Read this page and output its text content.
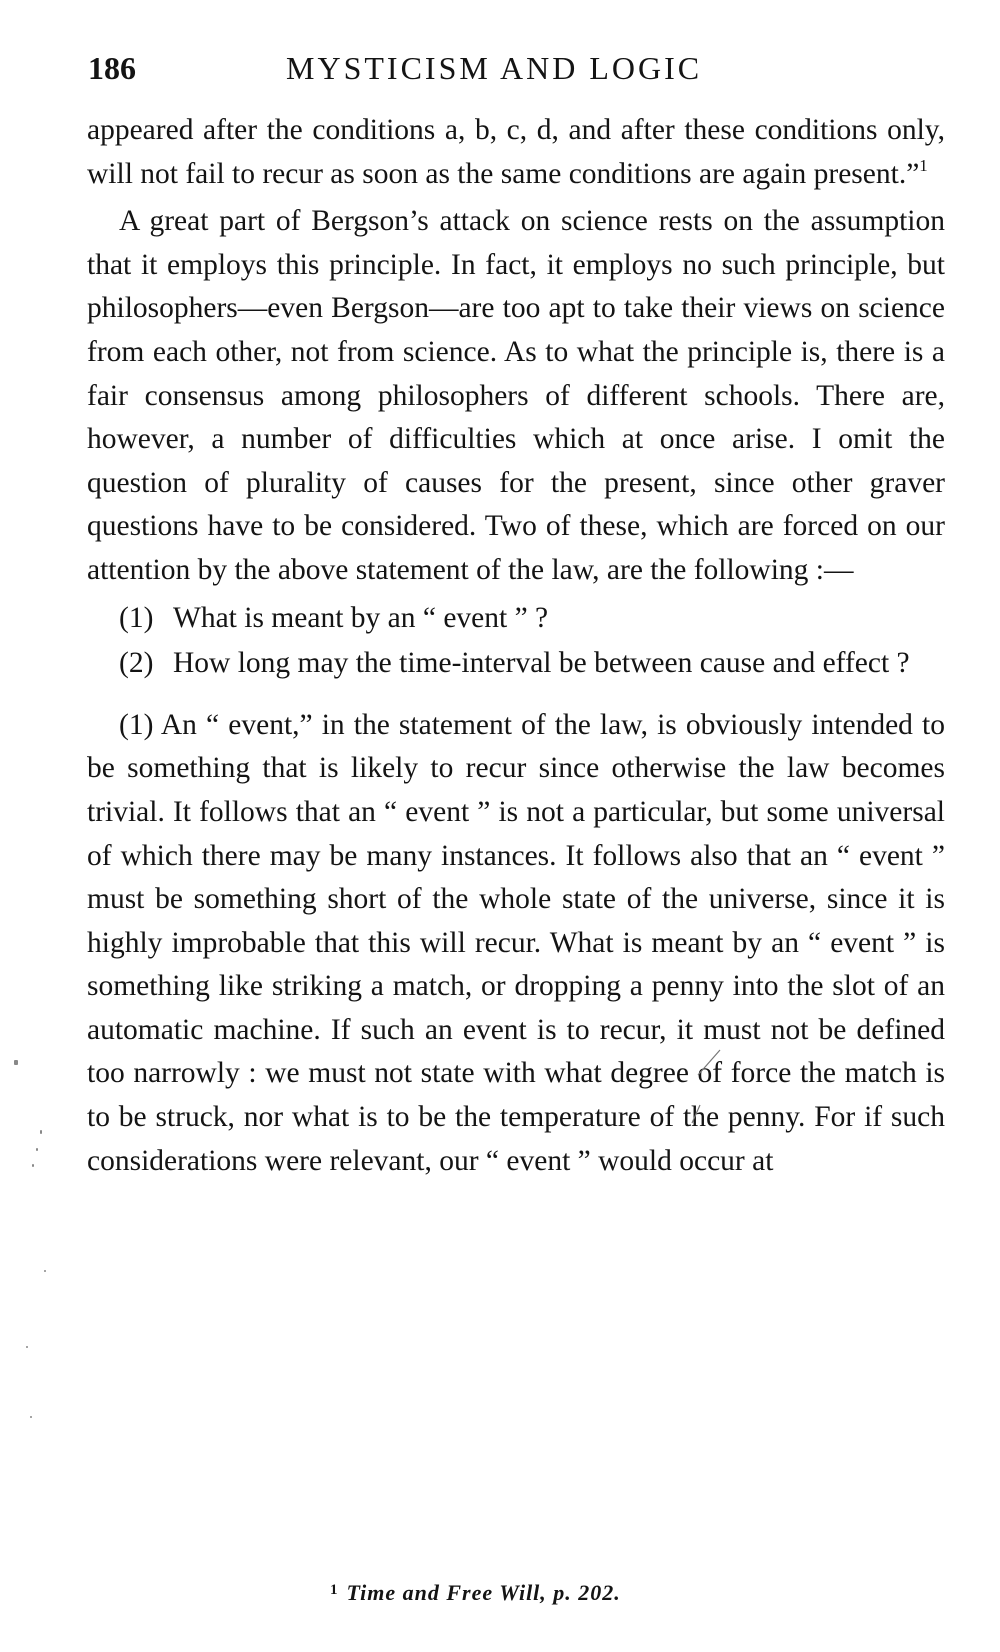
186	MYSTICISM AND LOGIC

appeared after the conditions a, b, c, d, and after these conditions only, will not fail to recur as soon as the same conditions are again present.”$^1$

A great part of Bergson’s attack on science rests on the assumption that it employs this principle. In fact, it employs no such principle, but philosophers—even Bergson—are too apt to take their views on science from each other, not from science. As to what the principle is, there is a fair consensus among philosophers of different schools. There are, however, a number of difficulties which at once arise. I omit the question of plurality of causes for the present, since other graver questions have to be considered. Two of these, which are forced on our attention by the above statement of the law, are the following :—

(1) What is meant by an “ event ” ?
(2) How long may the time-interval be between cause and effect ?

(1) An “ event,” in the statement of the law, is obviously intended to be something that is likely to recur since otherwise the law becomes trivial. It follows that an “ event ” is not a particular, but some universal of which there may be many instances. It follows also that an “ event ” must be something short of the whole state of the universe, since it is highly improbable that this will recur. What is meant by an “ event ” is something like striking a match, or dropping a penny into the slot of an automatic machine. If such an event is to recur, it must not be defined too narrowly : we must not state with what degree of force the match is to be struck, nor what is to be the temperature of the penny. For if such considerations were relevant, our “ event ” would occur at

$^1$ Time and Free Will, p. 202.
